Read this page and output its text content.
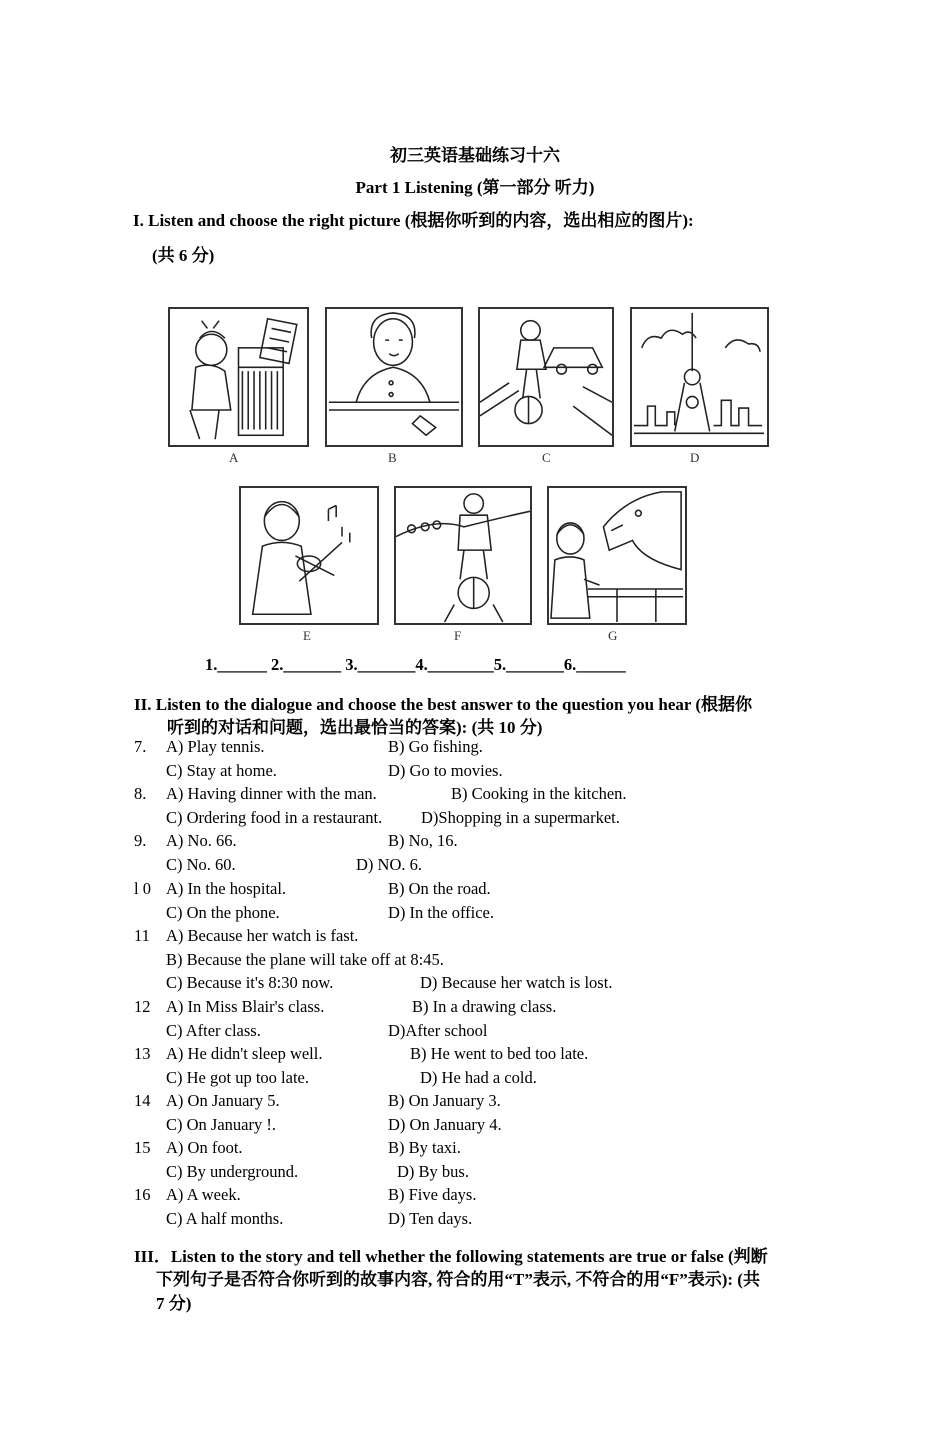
初三英语基础练习十六
Part 1 Listening (第一部分 听力)
I. Listen and choose the right picture (根据你听到的内容，选出相应的图片):
(共 6 分)
A	B	C	D
E	F	G
1.______ 2._______ 3._______4.________5._______6.______
II. Listen to the dialogue and choose the best answer to the question you hear (根据你
听到的对话和问题，选出最恰当的答案): (共 10 分)
7. A) Play tennis.	B) Go fishing.
C) Stay at home.	D) Go to movies.
8. A) Having dinner with the man.	B) Cooking in the kitchen.
C) Ordering food in a restaurant. D)Shopping in a supermarket.
9. A) No. 66.	B) No, 16.
C) No. 60.	D) NO. 6.
l 0 A) In the hospital.	B) On the road.
C) On the phone.	D) In the office.
11 A) Because her watch is fast.
B) Because the plane will take off at 8:45.
C) Because it's 8:30 now.	D) Because her watch is lost.
12 A) In Miss Blair's class.	B) In a drawing class.
C) After class.	D)After school
13 A) He didn't sleep well.	B) He went to bed too late.
C) He got up too late.	D) He had a cold.
14 A) On January 5.	B) On January 3.
C) On January !.	D) On January 4.
15 A) On foot.	B) By taxi.
C) By underground.	D) By bus.
16 A) A week.	B) Five days.
C) A half months.	D) Ten days.
III．Listen to the story and tell whether the following statements are true or false (判断
下列句子是否符合你听到的故事内容, 符合的用“T”表示, 不符合的用“F”表示): (共
7 分)
